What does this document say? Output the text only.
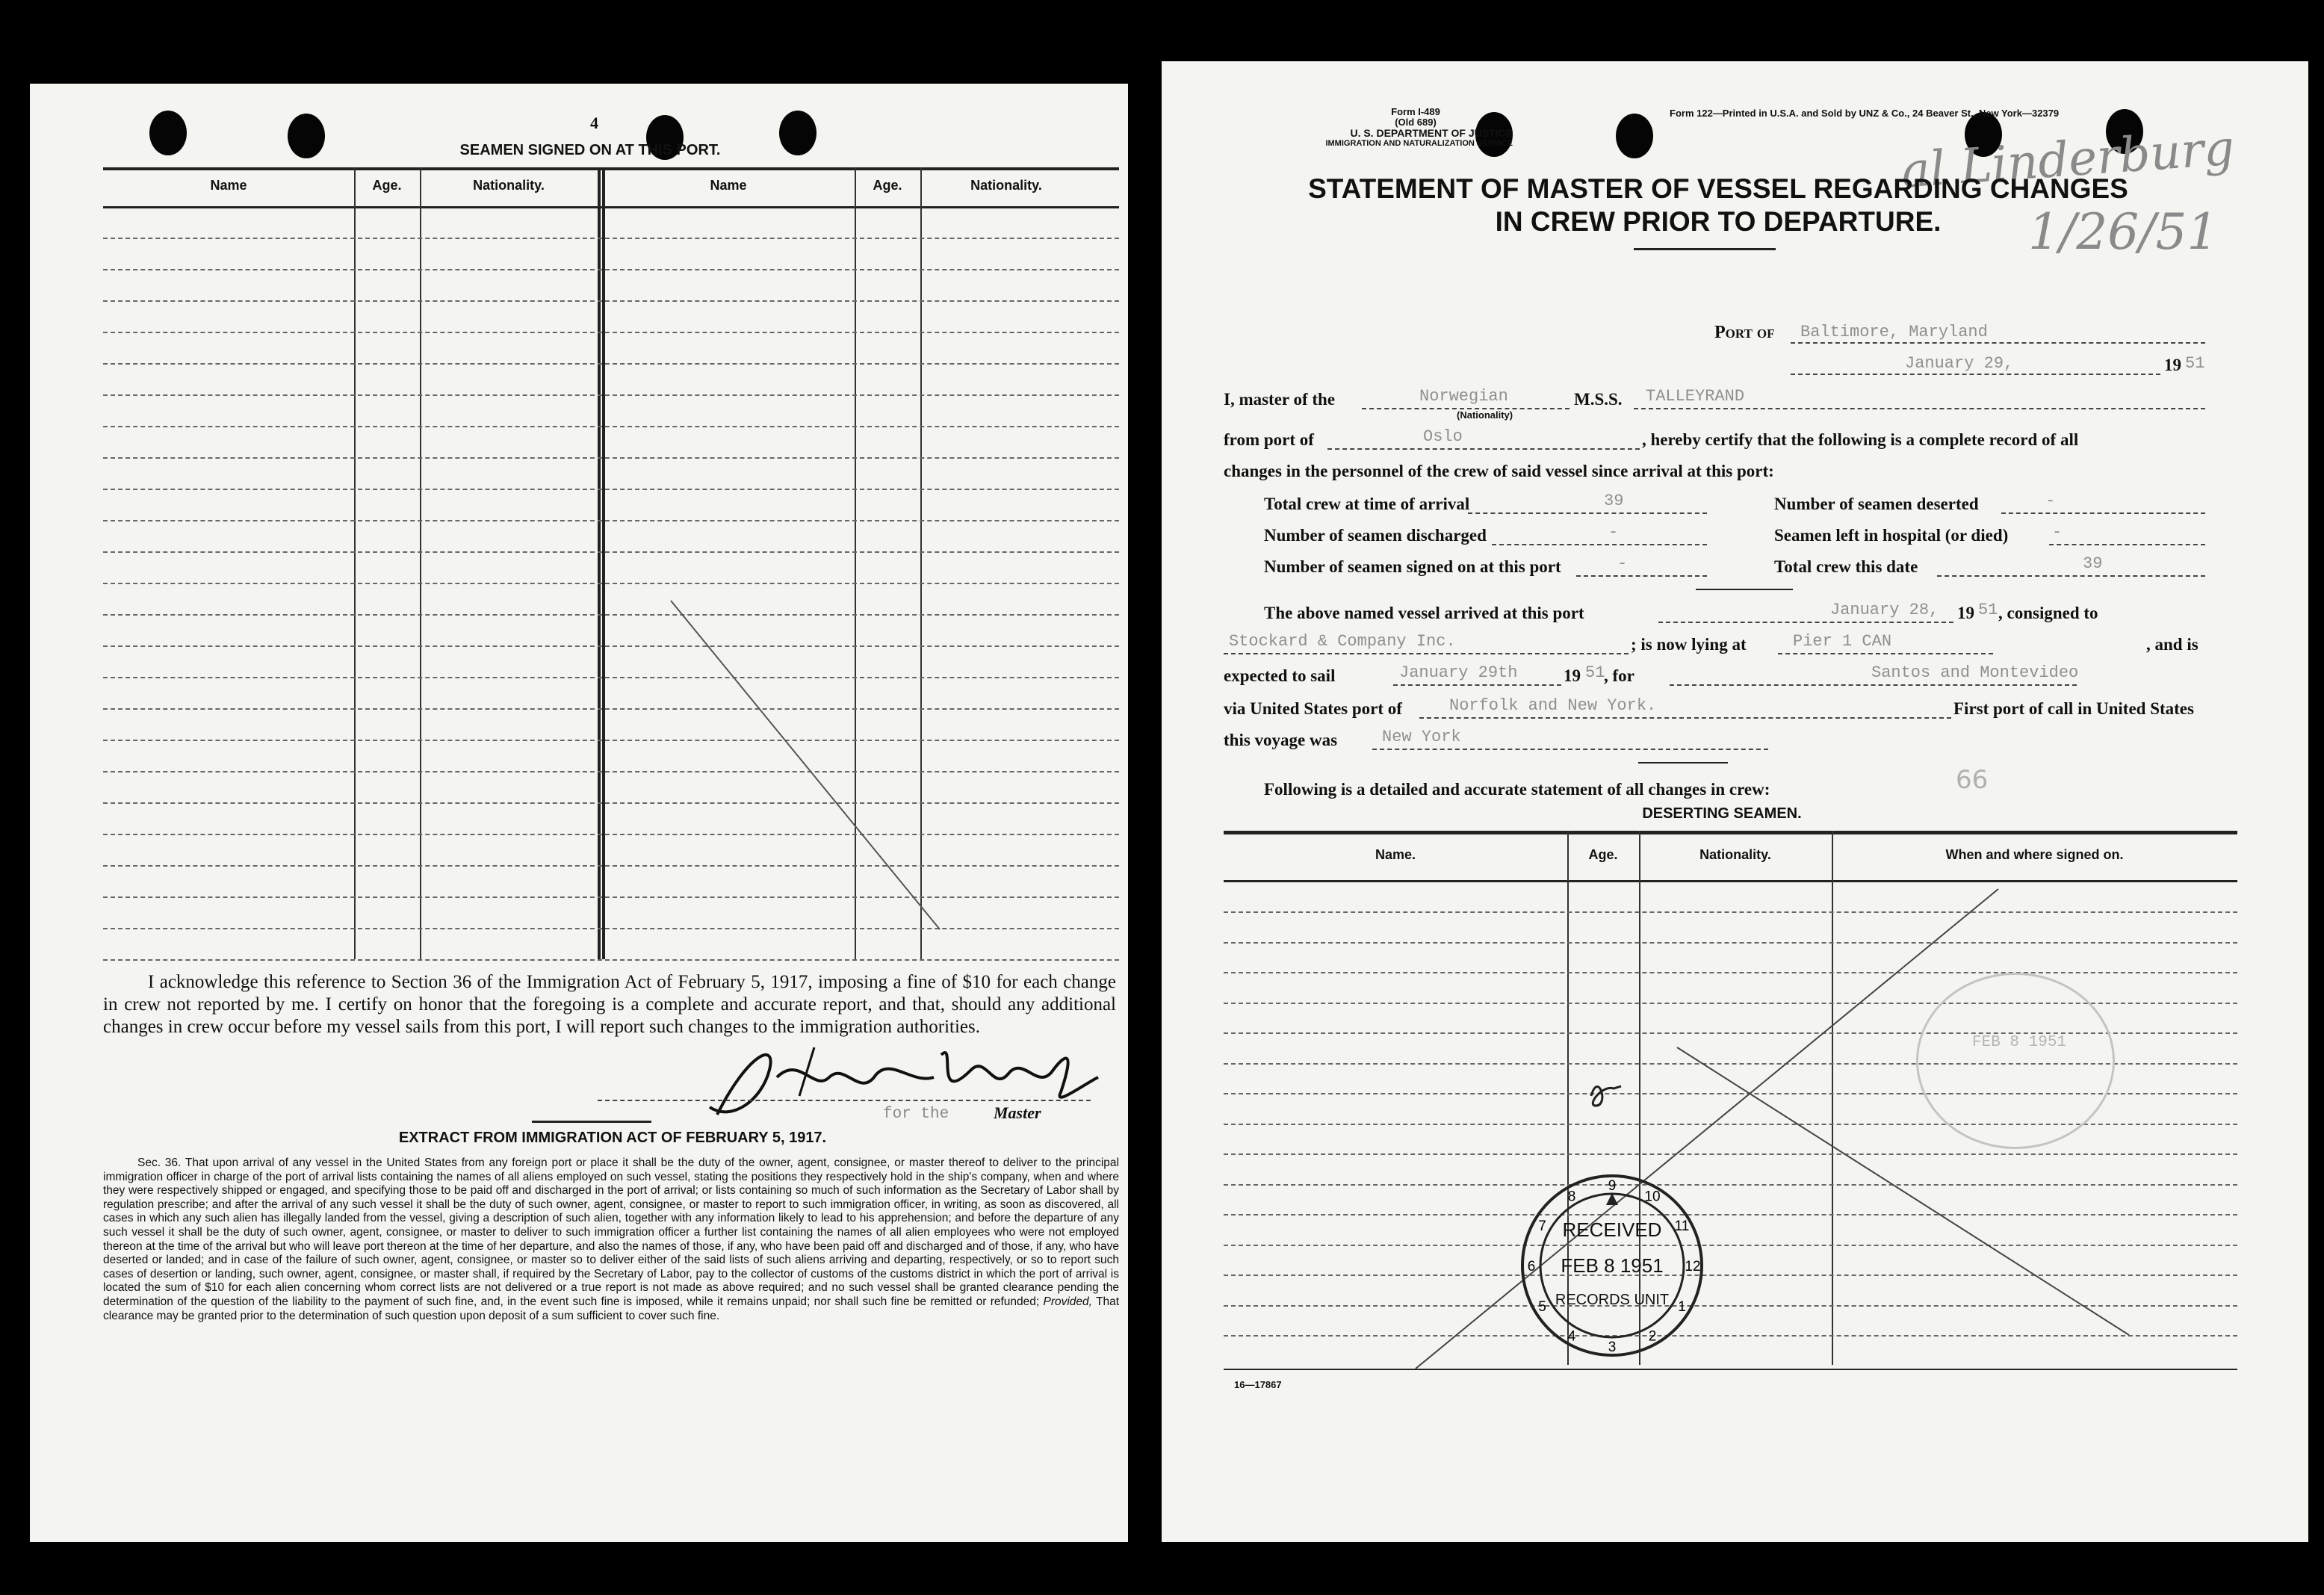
4
SEAMEN SIGNED ON AT THIS PORT.
Name	Age.	Nationality.	Name	Age.	Nationality.
I acknowledge this reference to Section 36 of the Immigration Act of February 5, 1917, imposing a fine of $10 for each change in crew not reported by me. I certify on honor that the foregoing is a complete and accurate report, and that, should any additional changes in crew occur before my vessel sails from this port, I will report such changes to the immigration authorities.
for the	Master
EXTRACT FROM IMMIGRATION ACT OF FEBRUARY 5, 1917.
Sec. 36. That upon arrival of any vessel in the United States from any foreign port or place it shall be the duty of the owner, agent, consignee, or master thereof to deliver to the principal immigration officer in charge of the port of arrival lists containing the names of all aliens employed on such vessel, stating the positions they respectively hold in the ship's company, when and where they were respectively shipped or engaged, and specifying those to be paid off and discharged in the port of arrival; or lists containing so much of such information as the Secretary of Labor shall by regulation prescribe; and after the arrival of any such vessel it shall be the duty of such owner, agent, consignee, or master to report to such immigration officer, in writing, as soon as discovered, all cases in which any such alien has illegally landed from the vessel, giving a description of such alien, together with any information likely to lead to his apprehension; and before the departure of any such vessel it shall be the duty of such owner, agent, consignee, or master to deliver to such immigration officer a further list containing the names of all alien employees who were not employed thereon at the time of the arrival but who will leave port thereon at the time of her departure, and also the names of those, if any, who have been paid off and discharged and of those, if any, who have deserted or landed; and in case of the failure of such owner, agent, consignee, or master so to deliver either of the said lists of such aliens arriving and departing, respectively, or so to report such cases of desertion or landing, such owner, agent, consignee, or master shall, if required by the Secretary of Labor, pay to the collector of customs of the customs district in which the port of arrival is located the sum of $10 for each alien concerning whom correct lists are not delivered or a true report is not made as above required; and no such vessel shall be granted clearance pending the determination of the question of the liability to the payment of such fine, and, in the event such fine is imposed, while it remains unpaid; nor shall such fine be remitted or refunded; Provided, That clearance may be granted prior to the determination of such question upon deposit of a sum sufficient to cover such fine.
Form I-489
(Old 689)
U. S. DEPARTMENT OF JUSTICE
IMMIGRATION AND NATURALIZATION SERVICE
Form 122—Printed in U.S.A. and Sold by UNZ & Co., 24 Beaver St., New York—32379
al Linderburg
1/26/51
STATEMENT OF MASTER OF VESSEL REGARDING CHANGES
IN CREW PRIOR TO DEPARTURE.
Port of Baltimore, Maryland
January 29,	19 51
I, master of the	Norwegian
(Nationality)
M.S.S. TALLEYRAND
from port of	Oslo	, hereby certify that the following is a complete record of all
changes in the personnel of the crew of said vessel since arrival at this port:
Total crew at time of arrival	39	Number of seamen deserted	-
Number of seamen discharged	-	Seamen left in hospital (or died)	-
Number of seamen signed on at this port	-	Total crew this date	39
The above named vessel arrived at this port	January 28, 19 51 , consigned to
Stockard & Company Inc.	; is now lying at	Pier 1 CAN	, and is
expected to sail	January 29th	19 51
, for	Santos and Montevideo
via United States port of	Norfolk and New York.	First port of call in United States
this voyage was	New York
Following is a detailed and accurate statement of all changes in crew:	66
DESERTING SEAMEN.
Name.	Age.	Nationality.	When and where signed on.
16—17867
FEB 8 1951
10
11
12
1
2
3
4
5
6
7
8
9
RECEIVED
FEB 8 1951
RECORDS UNIT
